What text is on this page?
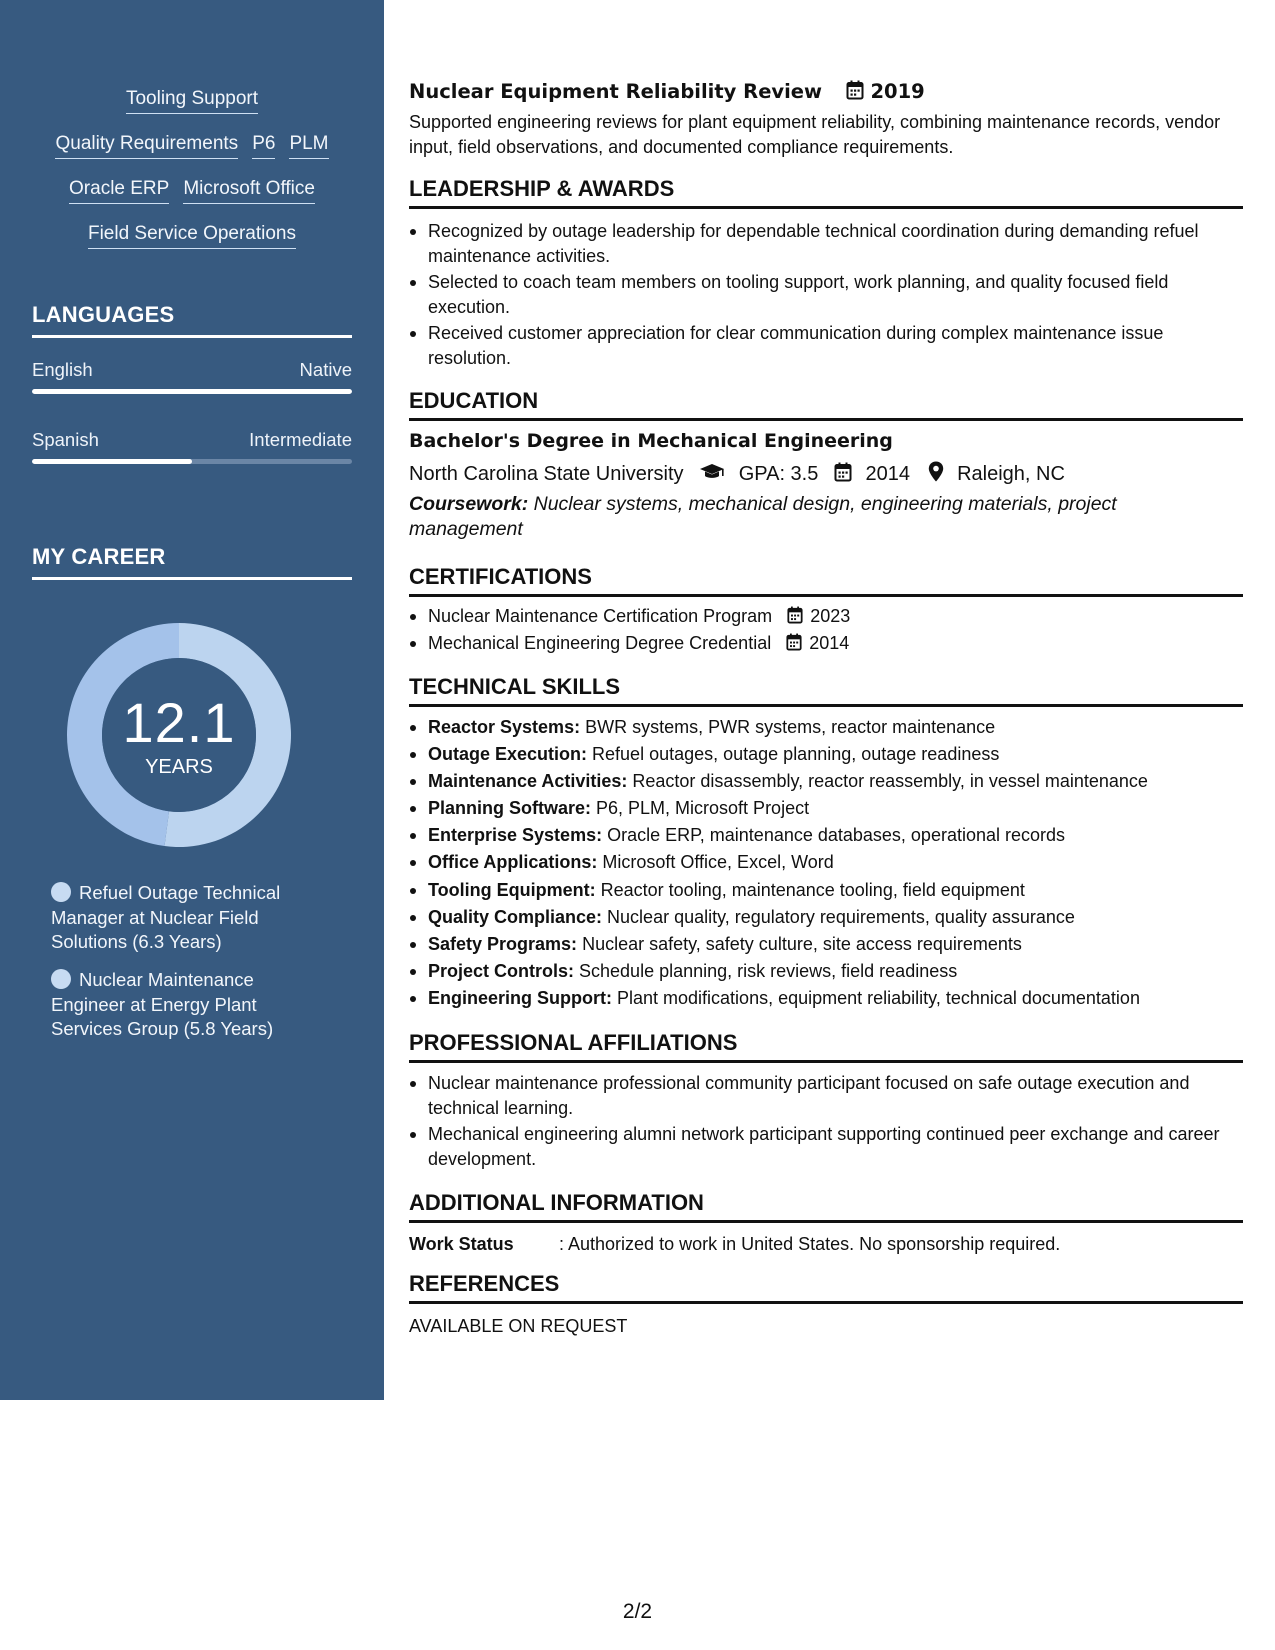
Tooling Support
Quality Requirements P6 PLM
Oracle ERP Microsoft Office
Field Service Operations
LANGUAGES
English	Native
Spanish	Intermediate
MY CAREER
12.1
YEARS
Refuel Outage Technical Manager at Nuclear Field Solutions (6.3 Years)
Nuclear Maintenance Engineer at Energy Plant Services Group (5.8 Years)
Nuclear Equipment Reliability Review 2019
Supported engineering reviews for plant equipment reliability, combining maintenance records, vendor input, field observations, and documented compliance requirements.
LEADERSHIP & AWARDS
Recognized by outage leadership for dependable technical coordination during demanding refuel maintenance activities.
Selected to coach team members on tooling support, work planning, and quality focused field execution.
Received customer appreciation for clear communication during complex maintenance issue resolution.
EDUCATION
Bachelor's Degree in Mechanical Engineering
North Carolina State University	GPA: 3.5 2014 Raleigh, NC
Coursework: Nuclear systems, mechanical design, engineering materials, project management
CERTIFICATIONS
Nuclear Maintenance Certification Program 2023
Mechanical Engineering Degree Credential 2014
TECHNICAL SKILLS
Reactor Systems: BWR systems, PWR systems, reactor maintenance
Outage Execution: Refuel outages, outage planning, outage readiness
Maintenance Activities: Reactor disassembly, reactor reassembly, in vessel maintenance
Planning Software: P6, PLM, Microsoft Project
Enterprise Systems: Oracle ERP, maintenance databases, operational records
Office Applications: Microsoft Office, Excel, Word
Tooling Equipment: Reactor tooling, maintenance tooling, field equipment
Quality Compliance: Nuclear quality, regulatory requirements, quality assurance
Safety Programs: Nuclear safety, safety culture, site access requirements
Project Controls: Schedule planning, risk reviews, field readiness
Engineering Support: Plant modifications, equipment reliability, technical documentation
PROFESSIONAL AFFILIATIONS
Nuclear maintenance professional community participant focused on safe outage execution and technical learning.
Mechanical engineering alumni network participant supporting continued peer exchange and career development.
ADDITIONAL INFORMATION
Work Status	: Authorized to work in United States. No sponsorship required.
REFERENCES
AVAILABLE ON REQUEST
2/2
